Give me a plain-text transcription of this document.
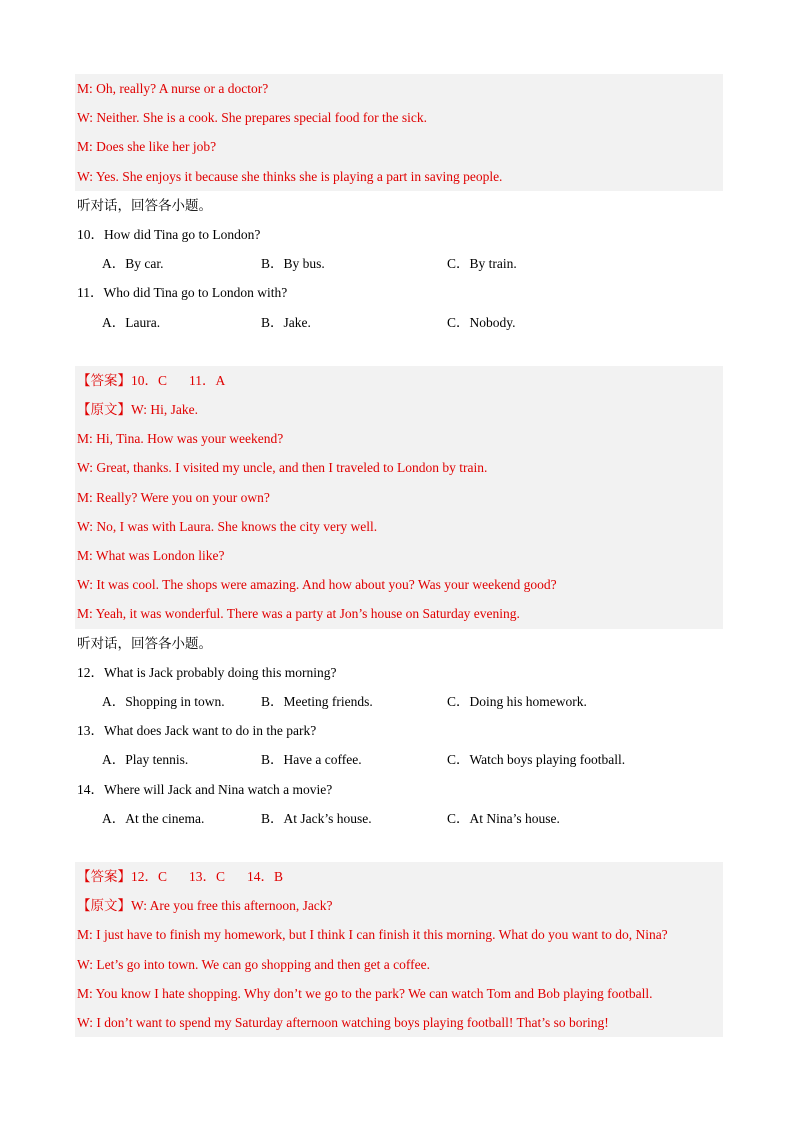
M: Oh, really? A nurse or a doctor?
W: Neither. She is a cook. She prepares special food for the sick.
M: Does she like her job?
W: Yes. She enjoys it because she thinks she is playing a part in saving people.
听对话，回答各小题。
10．How did Tina go to London?
A．By car.	B．By bus.	C．By train.
11．Who did Tina go to London with?
A．Laura.	B．Jake.	C．Nobody.
【答案】10．C 11．A
【原文】W: Hi, Jake.
M: Hi, Tina. How was your weekend?
W: Great, thanks. I visited my uncle, and then I traveled to London by train.
M: Really? Were you on your own?
W: No, I was with Laura. She knows the city very well.
M: What was London like?
W: It was cool. The shops were amazing. And how about you? Was your weekend good?
M: Yeah, it was wonderful. There was a party at Jon’s house on Saturday evening.
听对话，回答各小题。
12．What is Jack probably doing this morning?
A．Shopping in town.	B．Meeting friends.	C．Doing his homework.
13．What does Jack want to do in the park?
A．Play tennis.	B．Have a coffee.	C．Watch boys playing football.
14．Where will Jack and Nina watch a movie?
A．At the cinema.	B．At Jack’s house.	C．At Nina’s house.
【答案】12．C 13．C 14．B
【原文】W: Are you free this afternoon, Jack?
M: I just have to finish my homework, but I think I can finish it this morning. What do you want to do, Nina?
W: Let’s go into town. We can go shopping and then get a coffee.
M: You know I hate shopping. Why don’t we go to the park? We can watch Tom and Bob playing football.
W: I don’t want to spend my Saturday afternoon watching boys playing football! That’s so boring!
